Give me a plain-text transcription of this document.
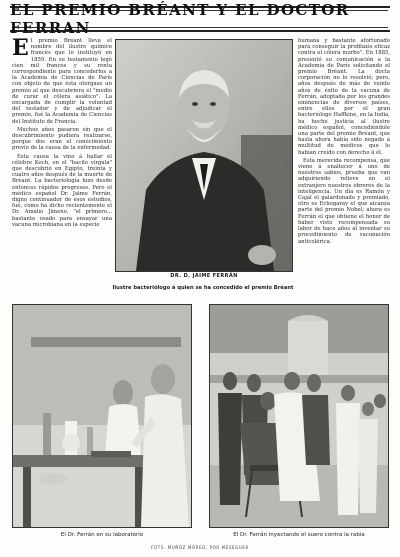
EL PREMIO BRÉANT Y EL DOCTOR FERRAN

El premio Bréant lleva el nombre del ilustre químico francés que lo instituyó en 1859. En su testamento legó cien mil francos y su renta correspondiente para concederlos a la Academia de Ciencias de París con objeto de que ésta otorgase un premio al que descubriera el "medio de curar el cólera asiático". La encargada de cumplir la voluntad del testador y de adjudicar el premio, fué la Academia de Ciencias del Instituto de Francia.

Muchos años pasaron sin que el descubrimiento pudiera realizarse, porque dos eran el conocimiento previo de la causa de la enfermedad.

Esta causa la vino á hallar el célebre Koch, en el "bacilo virgula" que descubrió en Egipto, treinta y cuatro años después de la muerte de Bréant. La bacteriología hizo desde entonces rápidos progresos. Pero el médico español Dr. Jaime Ferrán, digno continuador de esos estudios, fué, como ha dicho recientemente el Dr. Amalio Jimeno, "el primero... bastante osado para ensayar una vacuna microbiana en la especie

DR. D. JAIME FERRÁN
Ilustre bacteriólogo á quien se ha concedido el premio Bréant

humana y bastante afortunado para conseguir la profilaxis eficaz contra el cólera morbo". En 1885, presentó su comunicación a la Academia de París solicitando el premio Bréant. La docta corporación no lo resolvió; pero, años después de más de veinte años de éxito de la vacuna de Ferrán, adoptada por los grandes eminencias de diversos países, entre ellos por el gran bacteriólogo Haffkine, en la India, ha hecho justicia al ilustre médico español, concediéndole una parte del premio Bréant, que hasta ahora había sido negado á multitud de médicos que lo habían creído con derecho á él.

Esta merecida recompensa, que viene á enaltecer á uno de nuestros sabios, prueba que van adquiriendo relieve en el extranjero nuestros obreros de la inteligencia. Un día es Ramón y Cajal el galardonado y premiado, otro es Echegaray el que alcanza parte del premio Nobel; ahora es Ferrán el que obtiene el honor de haber visto recompensada su labor de hace años al inventar su procedimiento de vacunación anticolérica.

El Dr. Ferrán en su laboratorio	El Dr. Ferrán inyectando el suero contra la rabia
FOTS. MUÑOZ MOREO, POR MESEGUER
